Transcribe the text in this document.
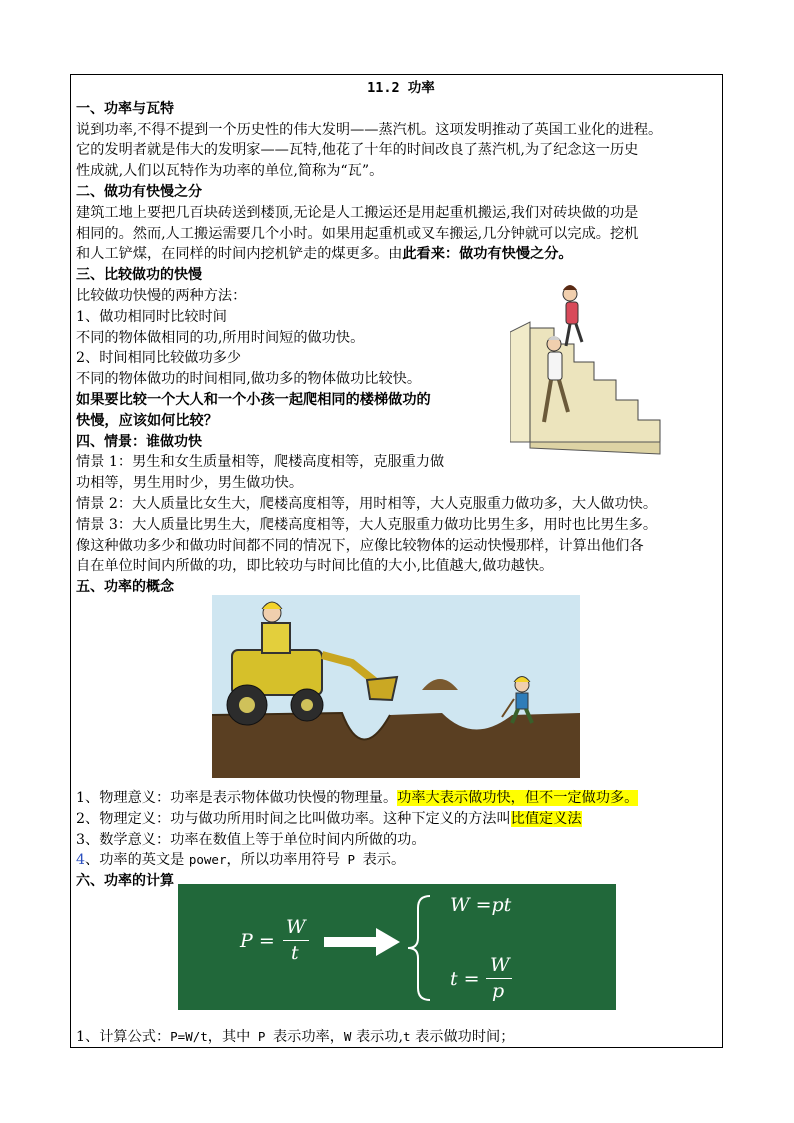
11.2 功率
一、功率与瓦特
说到功率,不得不提到一个历史性的伟大发明——蒸汽机。这项发明推动了英国工业化的进程。
它的发明者就是伟大的发明家——瓦特,他花了十年的时间改良了蒸汽机,为了纪念这一历史
性成就,人们以瓦特作为功率的单位,简称为“瓦”。
二、做功有快慢之分
建筑工地上要把几百块砖送到楼顶,无论是人工搬运还是用起重机搬运,我们对砖块做的功是
相同的。然而,人工搬运需要几个小时。如果用起重机或叉车搬运,几分钟就可以完成。挖机
和人工铲煤，在同样的时间内挖机铲走的煤更多。由此看来：做功有快慢之分。
三、比较做功的快慢
比较做功快慢的两种方法：
1、做功相同时比较时间
不同的物体做相同的功,所用时间短的做功快。
2、时间相同比较做功多少
不同的物体做功的时间相同,做功多的物体做功比较快。
如果要比较一个大人和一个小孩一起爬相同的楼梯做功的
快慢，应该如何比较？
四、情景：谁做功快
情景 1：男生和女生质量相等，爬楼高度相等，克服重力做
功相等，男生用时少，男生做功快。
情景 2：大人质量比女生大，爬楼高度相等，用时相等，大人克服重力做功多，大人做功快。
情景 3：大人质量比男生大，爬楼高度相等，大人克服重力做功比男生多，用时也比男生多。
像这种做功多少和做功时间都不同的情况下，应像比较物体的运动快慢那样，计算出他们各
自在单位时间内所做的功，即比较功与时间比值的大小,比值越大,做功越快。
五、功率的概念
1、物理意义：功率是表示物体做功快慢的物理量。功率大表示做功快，但不一定做功多。
2、物理定义：功与做功所用时间之比叫做功率。这种下定义的方法叫比值定义法
3、数学意义：功率在数值上等于单位时间内所做的功。
4、功率的英文是 power，所以功率用符号 P 表示。
六、功率的计算
1、计算公式：P=W/t，其中 P 表示功率，W 表示功,t 表示做功时间；
P =
W
t
W =pt
t =
W
p
